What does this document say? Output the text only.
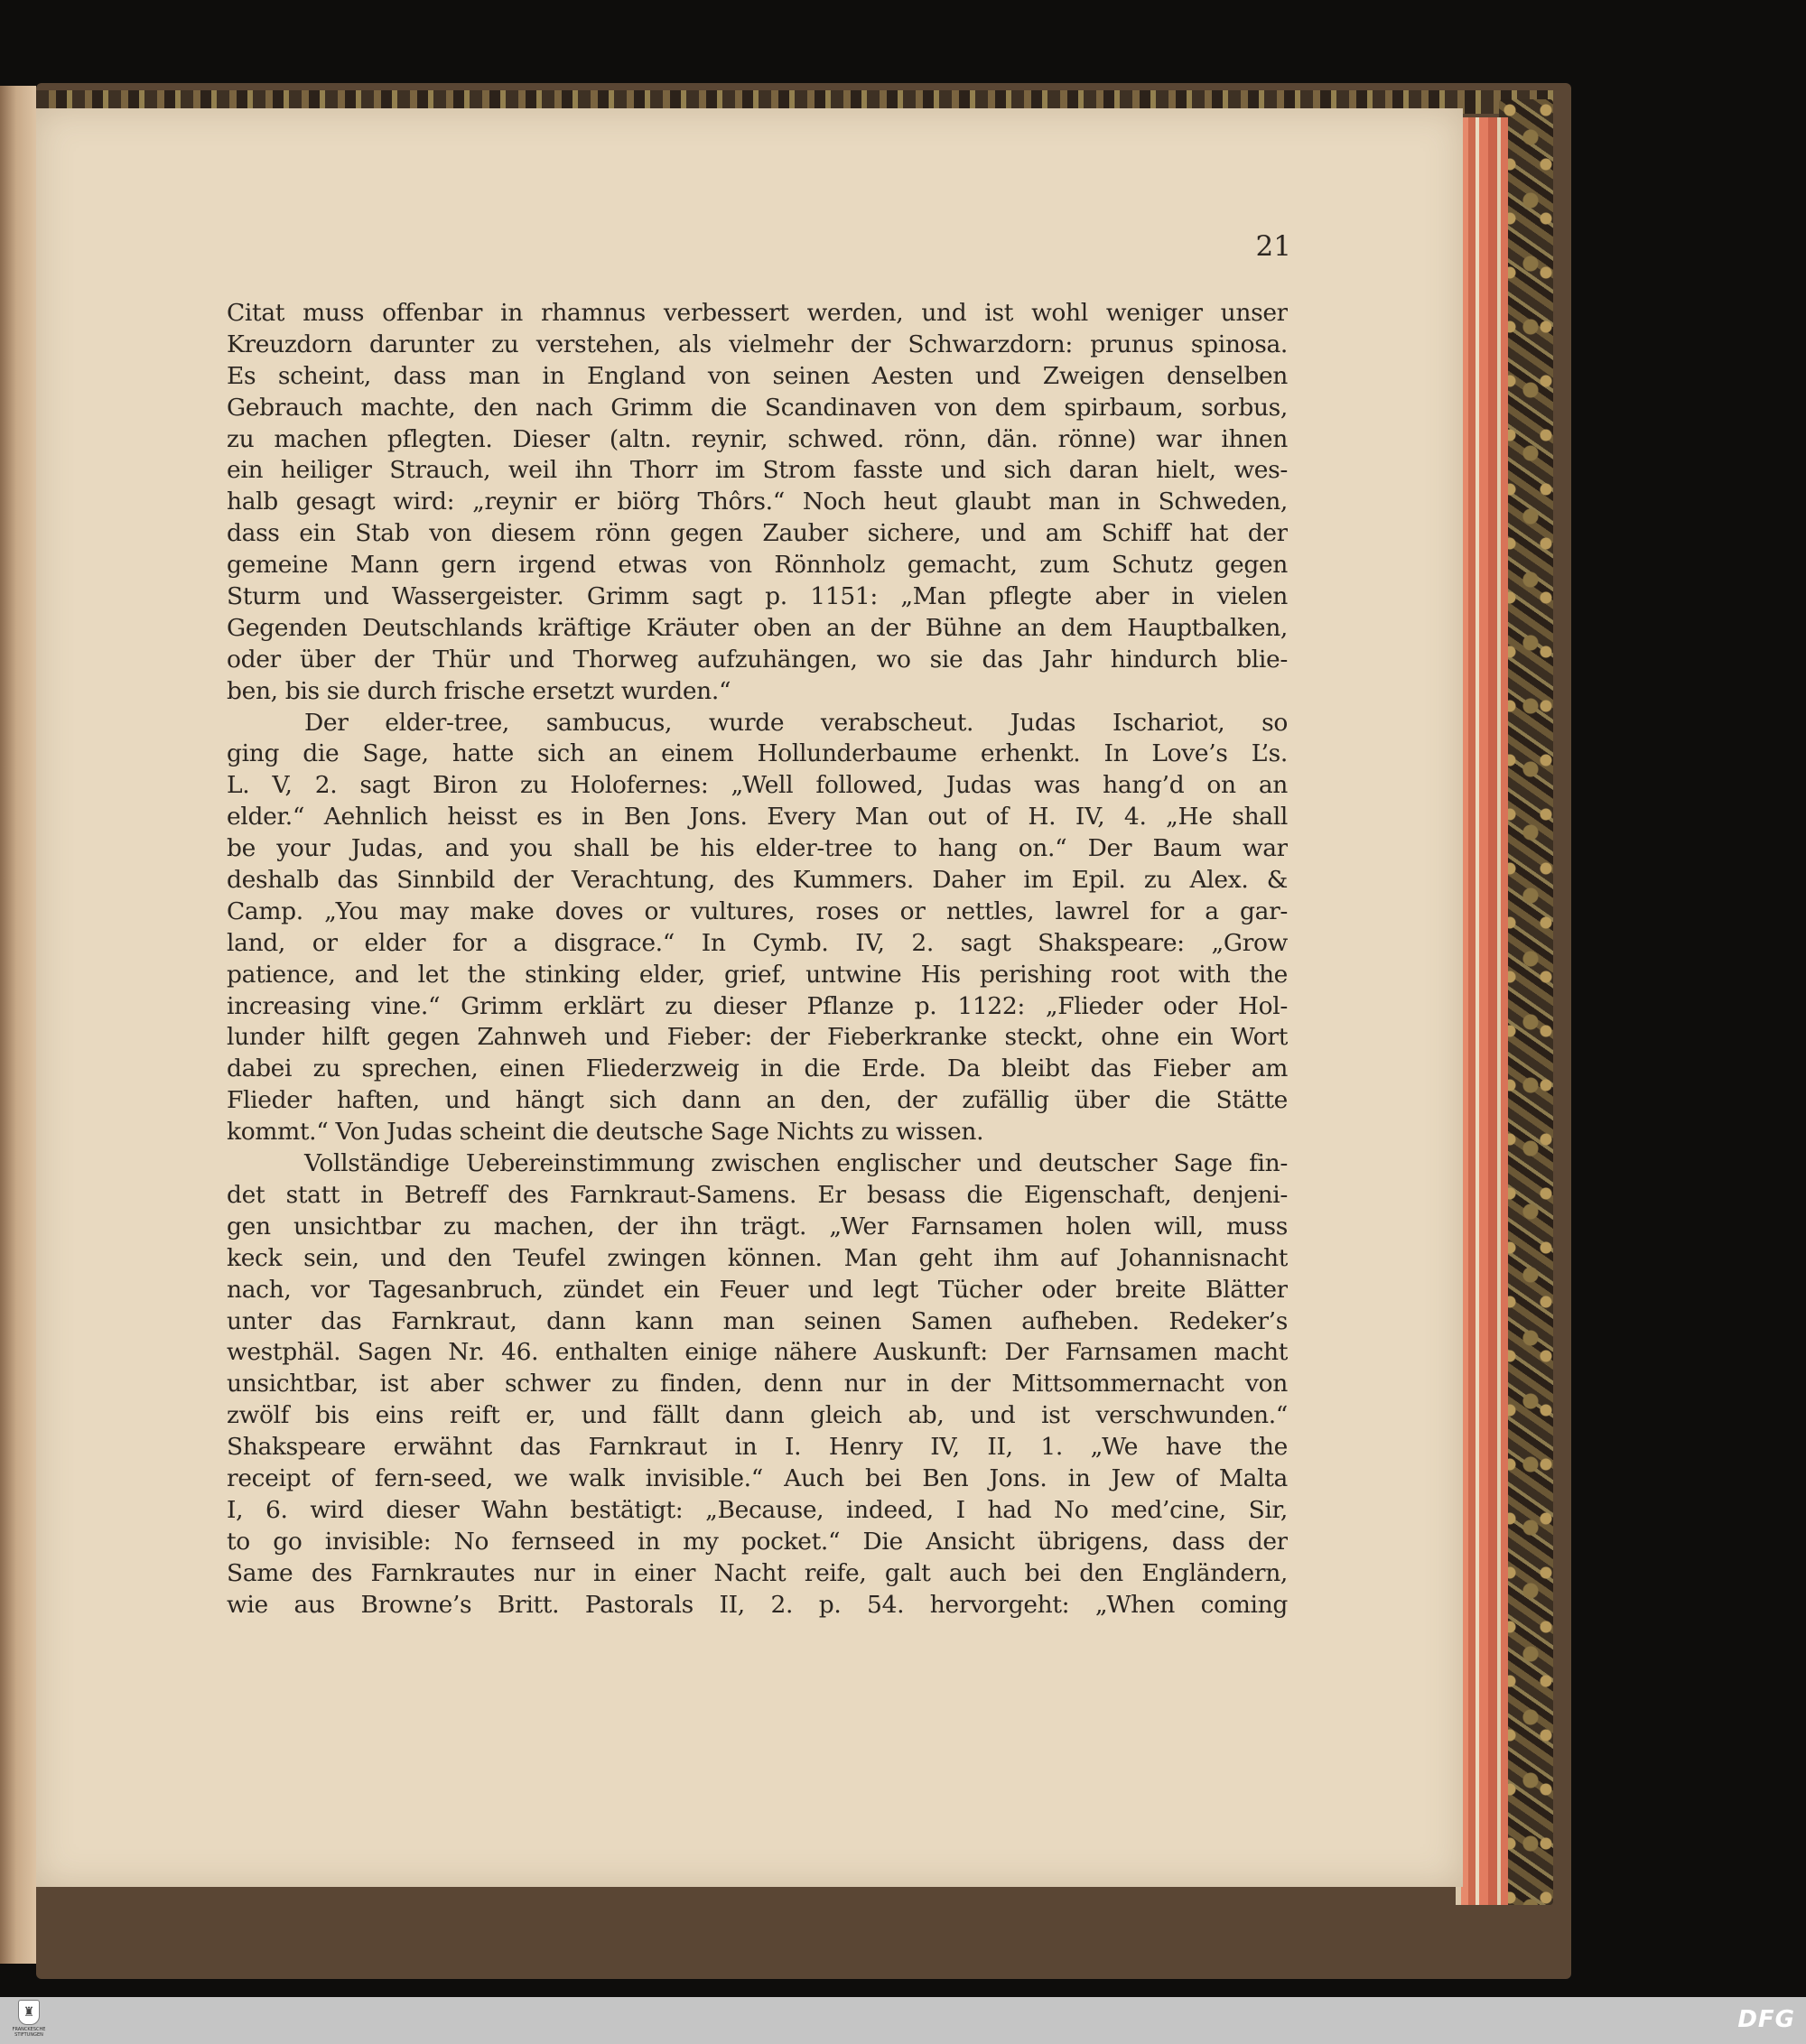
21
Citat muss offenbar in rhamnus verbessert werden, und ist wohl weniger unser
Kreuzdorn darunter zu verstehen, als vielmehr der Schwarzdorn: prunus spinosa.
Es scheint, dass man in England von seinen Aesten und Zweigen denselben
Gebrauch machte, den nach Grimm die Scandinaven von dem spirbaum, sorbus,
zu machen pflegten. Dieser (altn. reynir, schwed. rönn, dän. rönne) war ihnen
ein heiliger Strauch, weil ihn Thorr im Strom fasste und sich daran hielt, wes-
halb gesagt wird: „reynir er biörg Thôrs.“ Noch heut glaubt man in Schweden,
dass ein Stab von diesem rönn gegen Zauber sichere, und am Schiff hat der
gemeine Mann gern irgend etwas von Rönnholz gemacht, zum Schutz gegen
Sturm und Wassergeister. Grimm sagt p. 1151: „Man pflegte aber in vielen
Gegenden Deutschlands kräftige Kräuter oben an der Bühne an dem Hauptbalken,
oder über der Thür und Thorweg aufzuhängen, wo sie das Jahr hindurch blie-
ben, bis sie durch frische ersetzt wurden.“
Der elder-tree, sambucus, wurde verabscheut. Judas Ischariot, so
ging die Sage, hatte sich an einem Hollunderbaume erhenkt. In Love’s L’s.
L. V, 2. sagt Biron zu Holofernes: „Well followed, Judas was hang’d on an
elder.“ Aehnlich heisst es in Ben Jons. Every Man out of H. IV, 4. „He shall
be your Judas, and you shall be his elder-tree to hang on.“ Der Baum war
deshalb das Sinnbild der Verachtung, des Kummers. Daher im Epil. zu Alex. &
Camp. „You may make doves or vultures, roses or nettles, lawrel for a gar-
land, or elder for a disgrace.“ In Cymb. IV, 2. sagt Shakspeare: „Grow
patience, and let the stinking elder, grief, untwine His perishing root with the
increasing vine.“ Grimm erklärt zu dieser Pflanze p. 1122: „Flieder oder Hol-
lunder hilft gegen Zahnweh und Fieber: der Fieberkranke steckt, ohne ein Wort
dabei zu sprechen, einen Fliederzweig in die Erde. Da bleibt das Fieber am
Flieder haften, und hängt sich dann an den, der zufällig über die Stätte
kommt.“ Von Judas scheint die deutsche Sage Nichts zu wissen.
Vollständige Uebereinstimmung zwischen englischer und deutscher Sage fin-
det statt in Betreff des Farnkraut-Samens. Er besass die Eigenschaft, denjeni-
gen unsichtbar zu machen, der ihn trägt. „Wer Farnsamen holen will, muss
keck sein, und den Teufel zwingen können. Man geht ihm auf Johannisnacht
nach, vor Tagesanbruch, zündet ein Feuer und legt Tücher oder breite Blätter
unter das Farnkraut, dann kann man seinen Samen aufheben. Redeker’s
westphäl. Sagen Nr. 46. enthalten einige nähere Auskunft: Der Farnsamen macht
unsichtbar, ist aber schwer zu finden, denn nur in der Mittsommernacht von
zwölf bis eins reift er, und fällt dann gleich ab, und ist verschwunden.“
Shakspeare erwähnt das Farnkraut in I. Henry IV, II, 1. „We have the
receipt of fern-seed, we walk invisible.“ Auch bei Ben Jons. in Jew of Malta
I, 6. wird dieser Wahn bestätigt: „Because, indeed, I had No med’cine, Sir,
to go invisible: No fernseed in my pocket.“ Die Ansicht übrigens, dass der
Same des Farnkrautes nur in einer Nacht reife, galt auch bei den Engländern,
wie aus Browne’s Britt. Pastorals II, 2. p. 54. hervorgeht: „When coming
♜
FRANCKESCHE STIFTUNGEN
DFG
